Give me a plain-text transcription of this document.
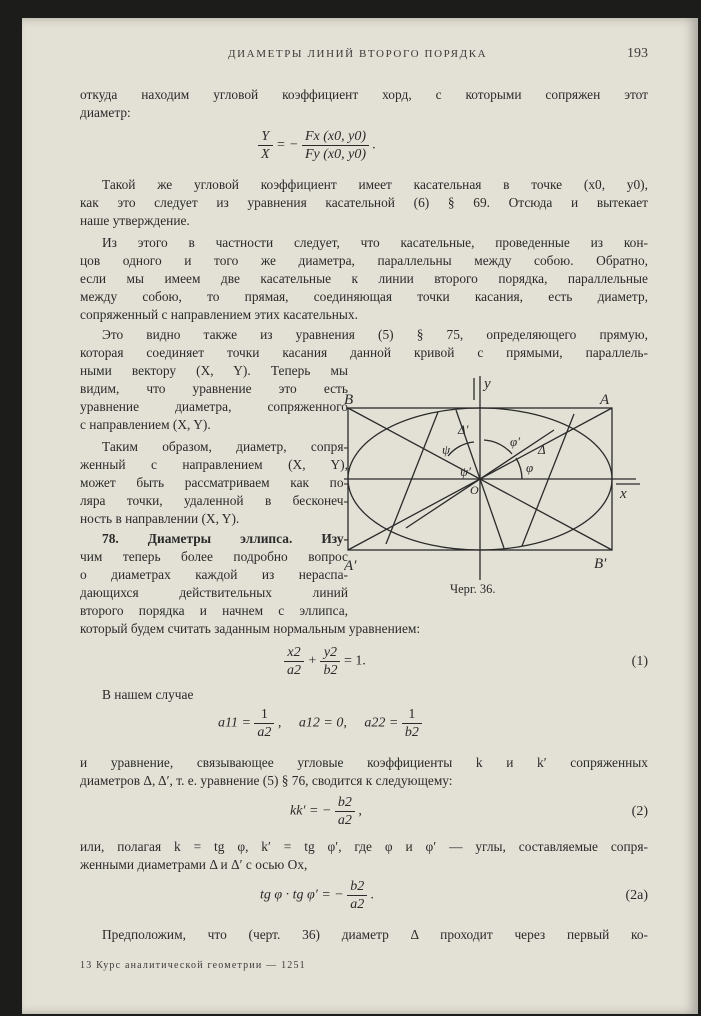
ДИАМЕТРЫ ЛИНИЙ ВТОРОГО ПОРЯДКА	193

откуда находим угловой коэффициент хорд, с которыми сопряжен этот

диаметр:

$\frac{Y}{X}$ = − $\frac{Fx (x0, y0)}{Fy (x0, y0)}$ .

Такой же угловой коэффициент имеет касательная в точке (x0, y0),

как это следует из уравнения касательной (6) § 69. Отсюда и вытекает

наше утверждение.

Из этого в частности следует, что касательные, проведенные из кон-

цов одного и того же диаметра, параллельны между собою. Обратно,

если мы имеем две касательные к линии второго порядка, параллельные

между собою, то прямая, соединяющая точки касания, есть диаметр,

сопряженный с направлением этих касательных.

Это видно также из уравнения (5) § 75, определяющего прямую,

которая соединяет точки касания данной кривой с прямыми, параллель-

ными вектору (X, Y). Теперь мы

видим, что уравнение это есть

уравнение диаметра, сопряженного

с направлением (X, Y).

Таким образом, диаметр, сопря-

женный с направлением (X, Y),

может быть рассматриваем как по-

ляра точки, удаленной в бесконеч-

ность в направлении (X, Y).

78. Диаметры эллипса. Изу-

чим теперь более подробно вопрос

о диаметрах каждой из нераспа-

дающихся действительных линий

второго порядка и начнем с эллипса,

который будем считать заданным нормальным уравнением:

$\frac{x2}{a2} + \frac{y2}{b2} = 1$.	(1)

В нашем случае

$a11 = \frac{1}{a2}$ ,     a12 = 0, $a22 = \frac{1}{b2}$

и уравнение, связывающее угловые коэффициенты k и k′ сопряженных

диаметров Δ, Δ′, т. е. уравнение (5) § 76, сводится к следующему:

kk′ = − $\frac{b2}{a2}$ ,	(2)

или, полагая k = tg φ, k′ = tg φ′, где φ и φ′ — углы, составляемые сопря-

женными диаметрами Δ и Δ′ с осью Ox,

tg φ · tg φ′ = − $\frac{b2}{a2}$ .	(2a)

Предположим, что (черт. 36) диаметр Δ проходит через первый ко-

13 Курс аналитической геометрии — 1251
y
x
B	A
A′	B′
Δ
Δ′
φ
φ′
ψ
ψ′
O
Черг. 36.
